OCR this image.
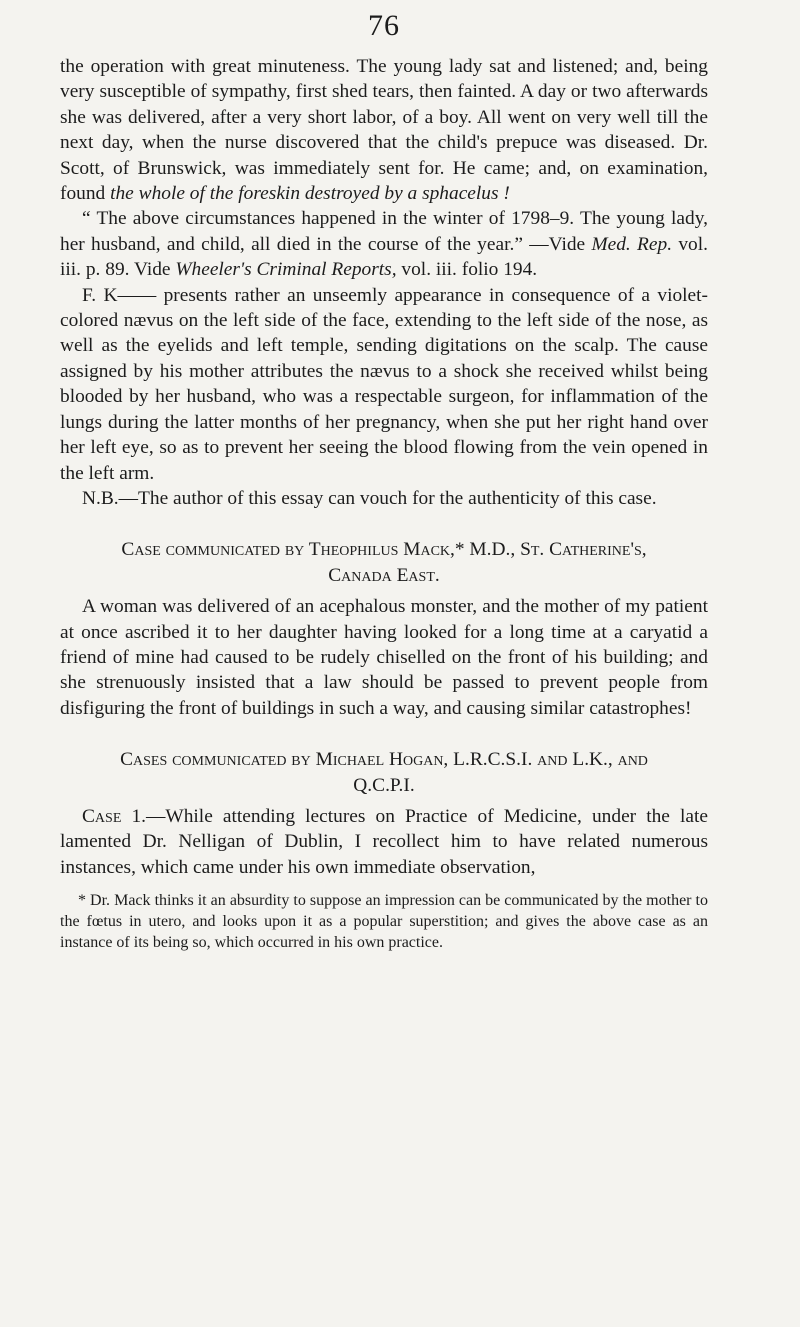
76

the operation with great minuteness. The young lady sat and listened; and, being very susceptible of sympathy, first shed tears, then fainted. A day or two afterwards she was delivered, after a very short labor, of a boy. All went on very well till the next day, when the nurse discovered that the child's prepuce was diseased. Dr. Scott, of Brunswick, was immediately sent for. He came; and, on examination, found the whole of the foreskin destroyed by a sphacelus !

“ The above circumstances happened in the winter of 1798–9. The young lady, her husband, and child, all died in the course of the year.” —Vide Med. Rep. vol. iii. p. 89. Vide Wheeler's Criminal Reports, vol. iii. folio 194.

F. K—— presents rather an unseemly appearance in consequence of a violet-colored nævus on the left side of the face, extending to the left side of the nose, as well as the eyelids and left temple, sending digitations on the scalp. The cause assigned by his mother attributes the nævus to a shock she received whilst being blooded by her husband, who was a respectable surgeon, for inflammation of the lungs during the latter months of her pregnancy, when she put her right hand over her left eye, so as to prevent her seeing the blood flowing from the vein opened in the left arm.

N.B.—The author of this essay can vouch for the authenticity of this case.

Case communicated by Theophilus Mack,* M.D., St. Catherine's,
Canada East.

A woman was delivered of an acephalous monster, and the mother of my patient at once ascribed it to her daughter having looked for a long time at a caryatid a friend of mine had caused to be rudely chiselled on the front of his building; and she strenuously insisted that a law should be passed to prevent people from disfiguring the front of buildings in such a way, and causing similar catastrophes!

Cases communicated by Michael Hogan, L.R.C.S.I. and L.K., and
Q.C.P.I.

Case 1.—While attending lectures on Practice of Medicine, under the late lamented Dr. Nelligan of Dublin, I recollect him to have related numerous instances, which came under his own immediate observation,

* Dr. Mack thinks it an absurdity to suppose an impression can be communicated by the mother to the fœtus in utero, and looks upon it as a popular superstition; and gives the above case as an instance of its being so, which occurred in his own practice.
